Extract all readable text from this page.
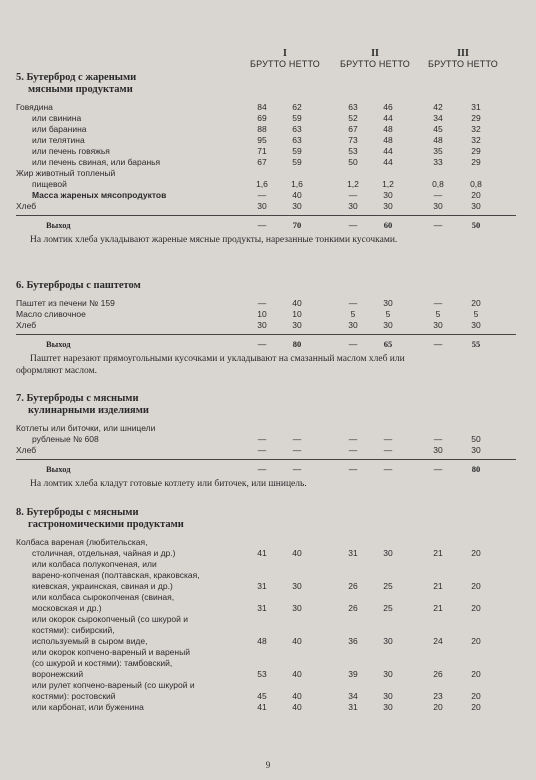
I
БРУТТО НЕТТО
II
БРУТТО НЕТТО
III
БРУТТО НЕТТО
5. Бутерброд с жареными
мясными продуктами
Говядина	84	62	63	46	42	31
или свинина	69	59	52	44	34	29
или баранина	88	63	67	48	45	32
или телятина	95	63	73	48	48	32
или печень говяжья	71	59	53	44	35	29
или печень свиная, или баранья	67	59	50	44	33	29
Жир животный топленый
пищевой	1,6	1,6	1,2	1,2	0,8	0,8
Масса жареных мясопродуктов	—	40	—	30	—	20
Хлеб	30	30	30	30	30	30
Выход	—	70	—	60	—	50
На ломтик хлеба укладывают жареные мясные продукты, нарезанные тонкими кусочками.
6. Бутерброды с паштетом
Паштет из печени № 159	—	40	—	30	—	20
Масло сливочное	10	10	5	5	5	5
Хлеб	30	30	30	30	30	30
Выход	—	80	—	65	—	55
Паштет нарезают прямоугольными кусочками и укладывают на смазанный маслом хлеб или
оформляют маслом.
7. Бутерброды с мясными
кулинарными изделиями
Котлеты или биточки, или шницели
рубленые № 608	—	—	—	—	—	50
Хлеб	—	—	—	—	30	30
Выход	—	—	—	—	—	80
На ломтик хлеба кладут готовые котлету или биточек, или шницель.
8. Бутерброды с мясными
гастрономическими продуктами
Колбаса вареная (любительская,
столичная, отдельная, чайная и др.)	41	40	31	30	21	20
или колбаса полукопченая, или
варено-копченая (полтавская, краковская,
киевская, украинская, свиная и др.)	31	30	26	25	21	20
или колбаса сырокопченая (свиная,
московская и др.)	31	30	26	25	21	20
или окорок сырокопченый (со шкурой и
костями): сибирский,
используемый в сыром виде,	48	40	36	30	24	20
или окорок копчено-вареный и вареный
(со шкурой и костями): тамбовский,
воронежский	53	40	39	30	26	20
или рулет копчено-вареный (со шкурой и
костями): ростовский	45	40	34	30	23	20
или карбонат, или буженина	41	40	31	30	20	20
9
